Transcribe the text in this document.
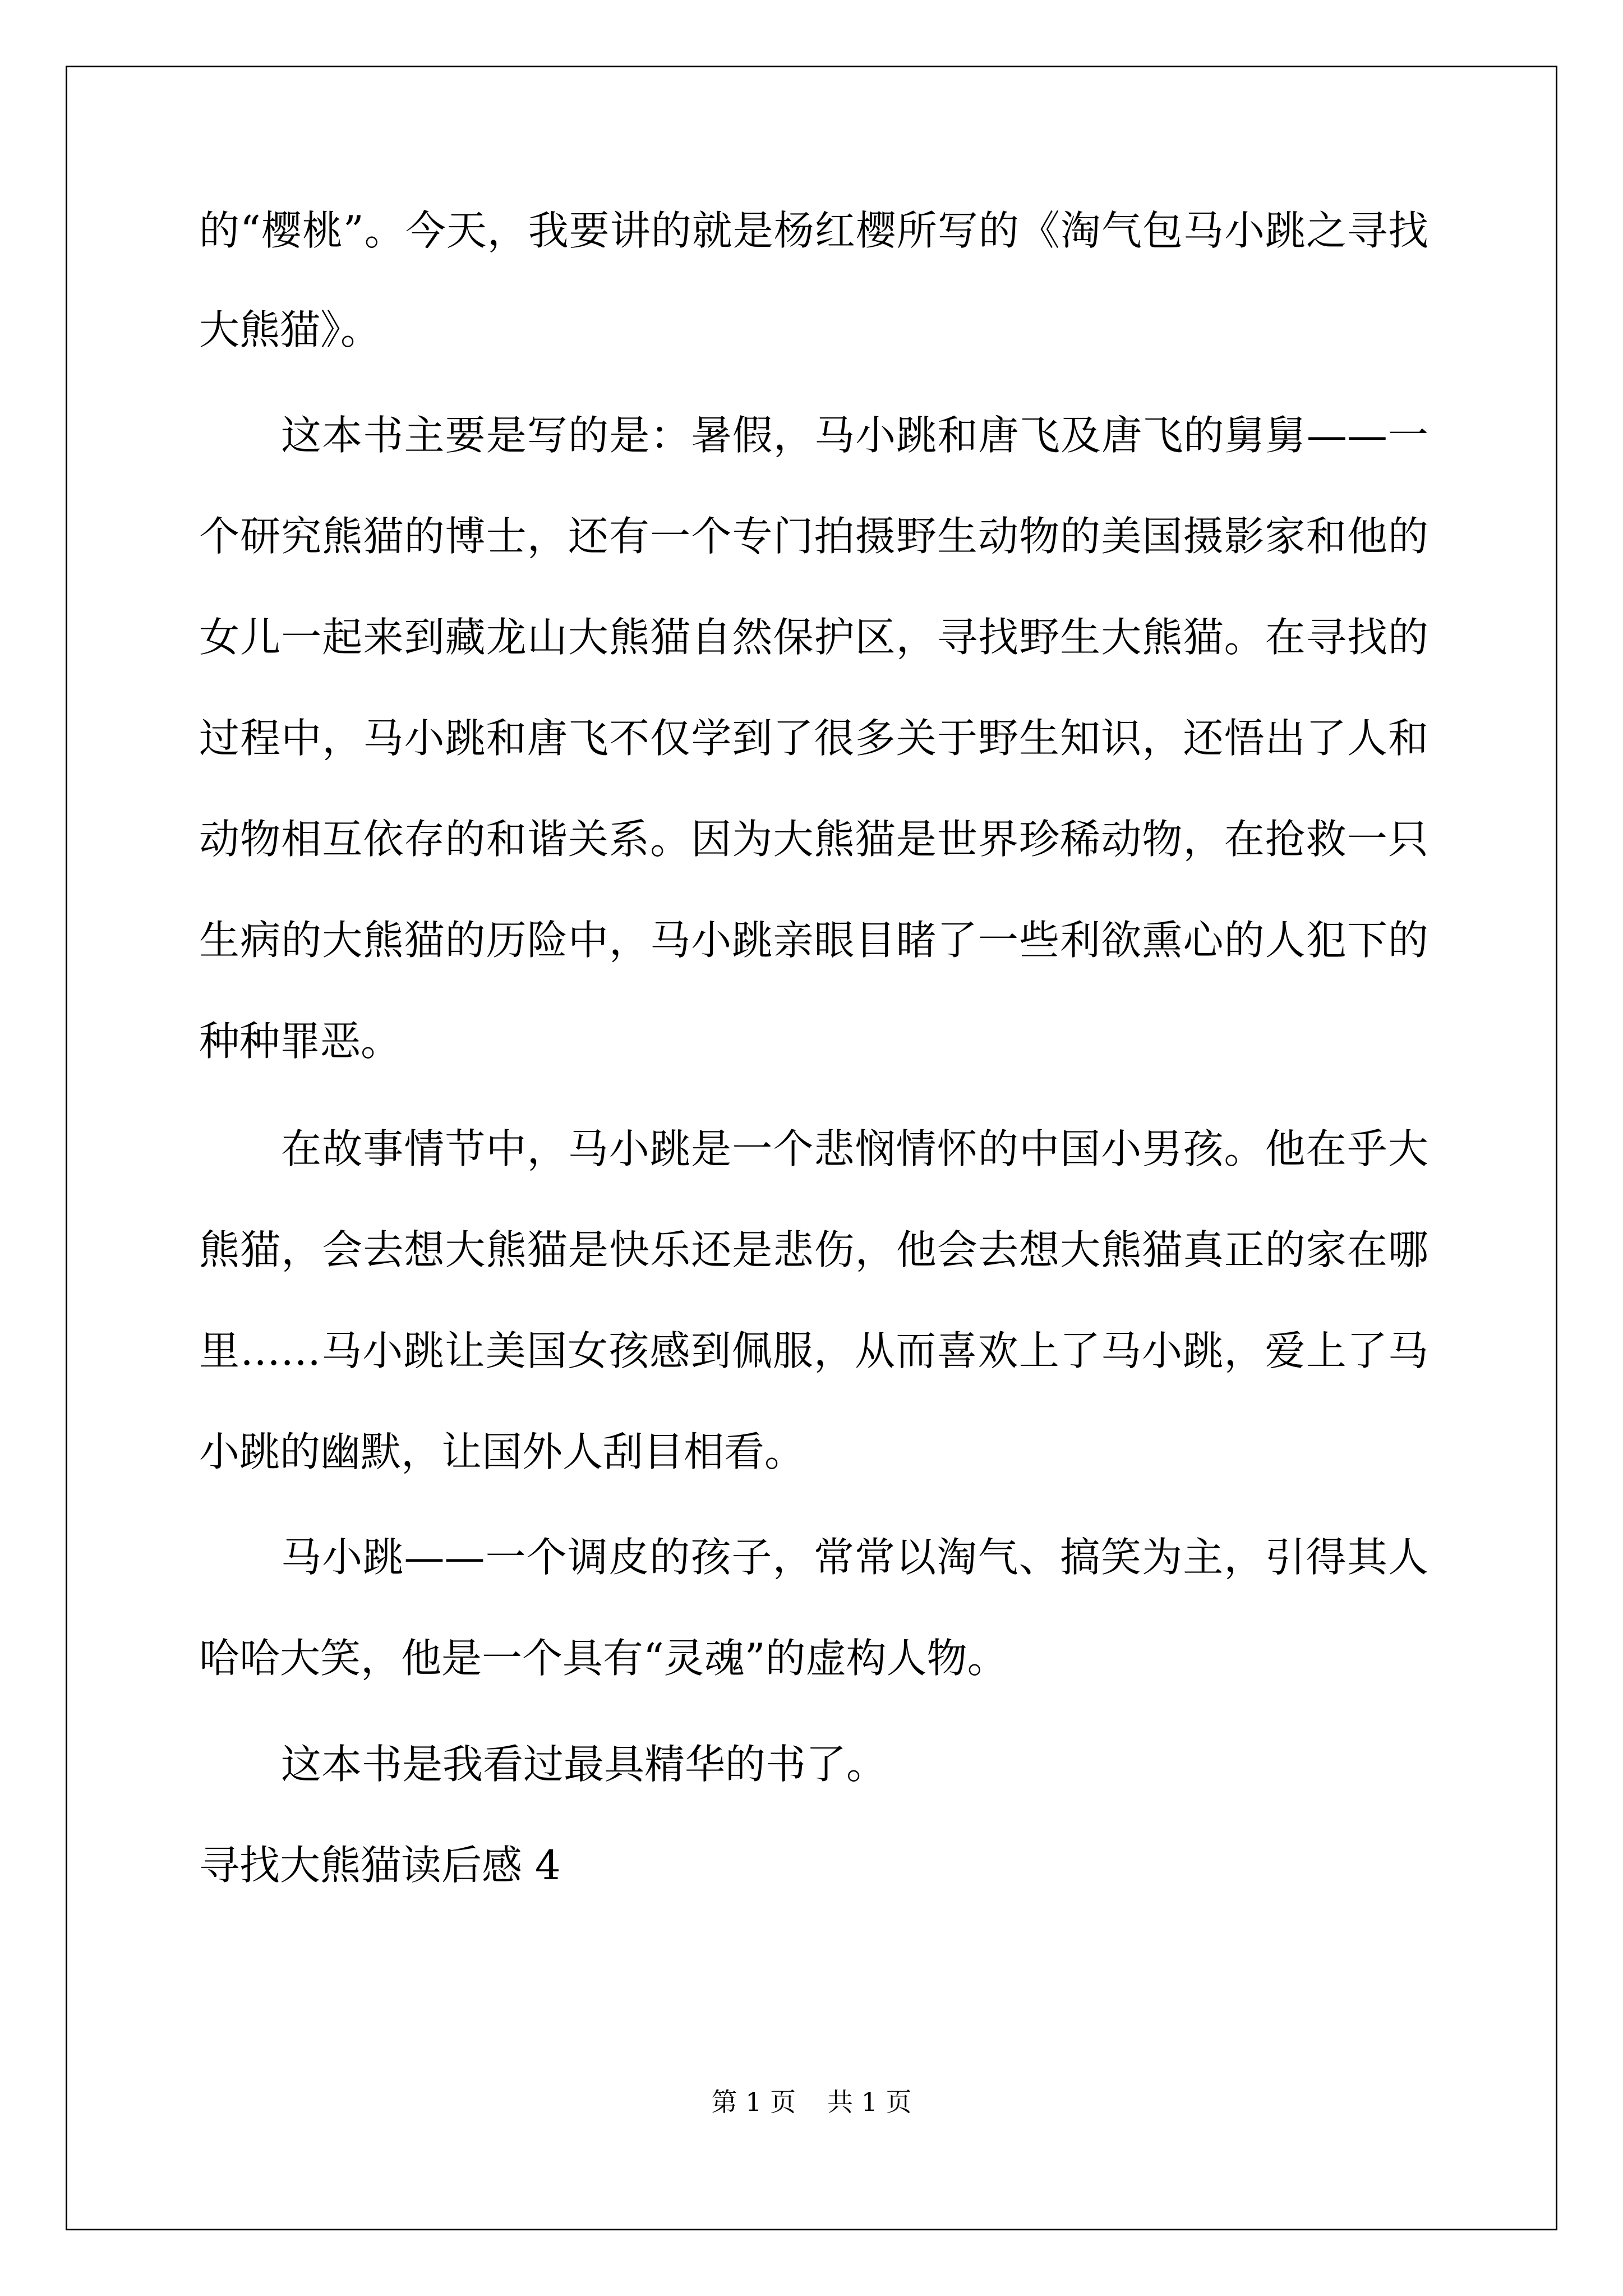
的“樱桃”。今天，我要讲的就是杨红樱所写的《淘气包马小跳之寻找

大熊猫》。

这本书主要是写的是：暑假，马小跳和唐飞及唐飞的舅舅——一

个研究熊猫的博士，还有一个专门拍摄野生动物的美国摄影家和他的

女儿一起来到藏龙山大熊猫自然保护区，寻找野生大熊猫。在寻找的

过程中，马小跳和唐飞不仅学到了很多关于野生知识，还悟出了人和

动物相互依存的和谐关系。因为大熊猫是世界珍稀动物，在抢救一只

生病的大熊猫的历险中，马小跳亲眼目睹了一些利欲熏心的人犯下的

种种罪恶。

在故事情节中，马小跳是一个悲悯情怀的中国小男孩。他在乎大

熊猫，会去想大熊猫是快乐还是悲伤，他会去想大熊猫真正的家在哪

里……马小跳让美国女孩感到佩服，从而喜欢上了马小跳，爱上了马

小跳的幽默，让国外人刮目相看。

马小跳——一个调皮的孩子，常常以淘气、搞笑为主，引得其人

哈哈大笑，他是一个具有“灵魂”的虚构人物。

这本书是我看过最具精华的书了。

寻找大熊猫读后感 4

第 1 页 共 1 页
